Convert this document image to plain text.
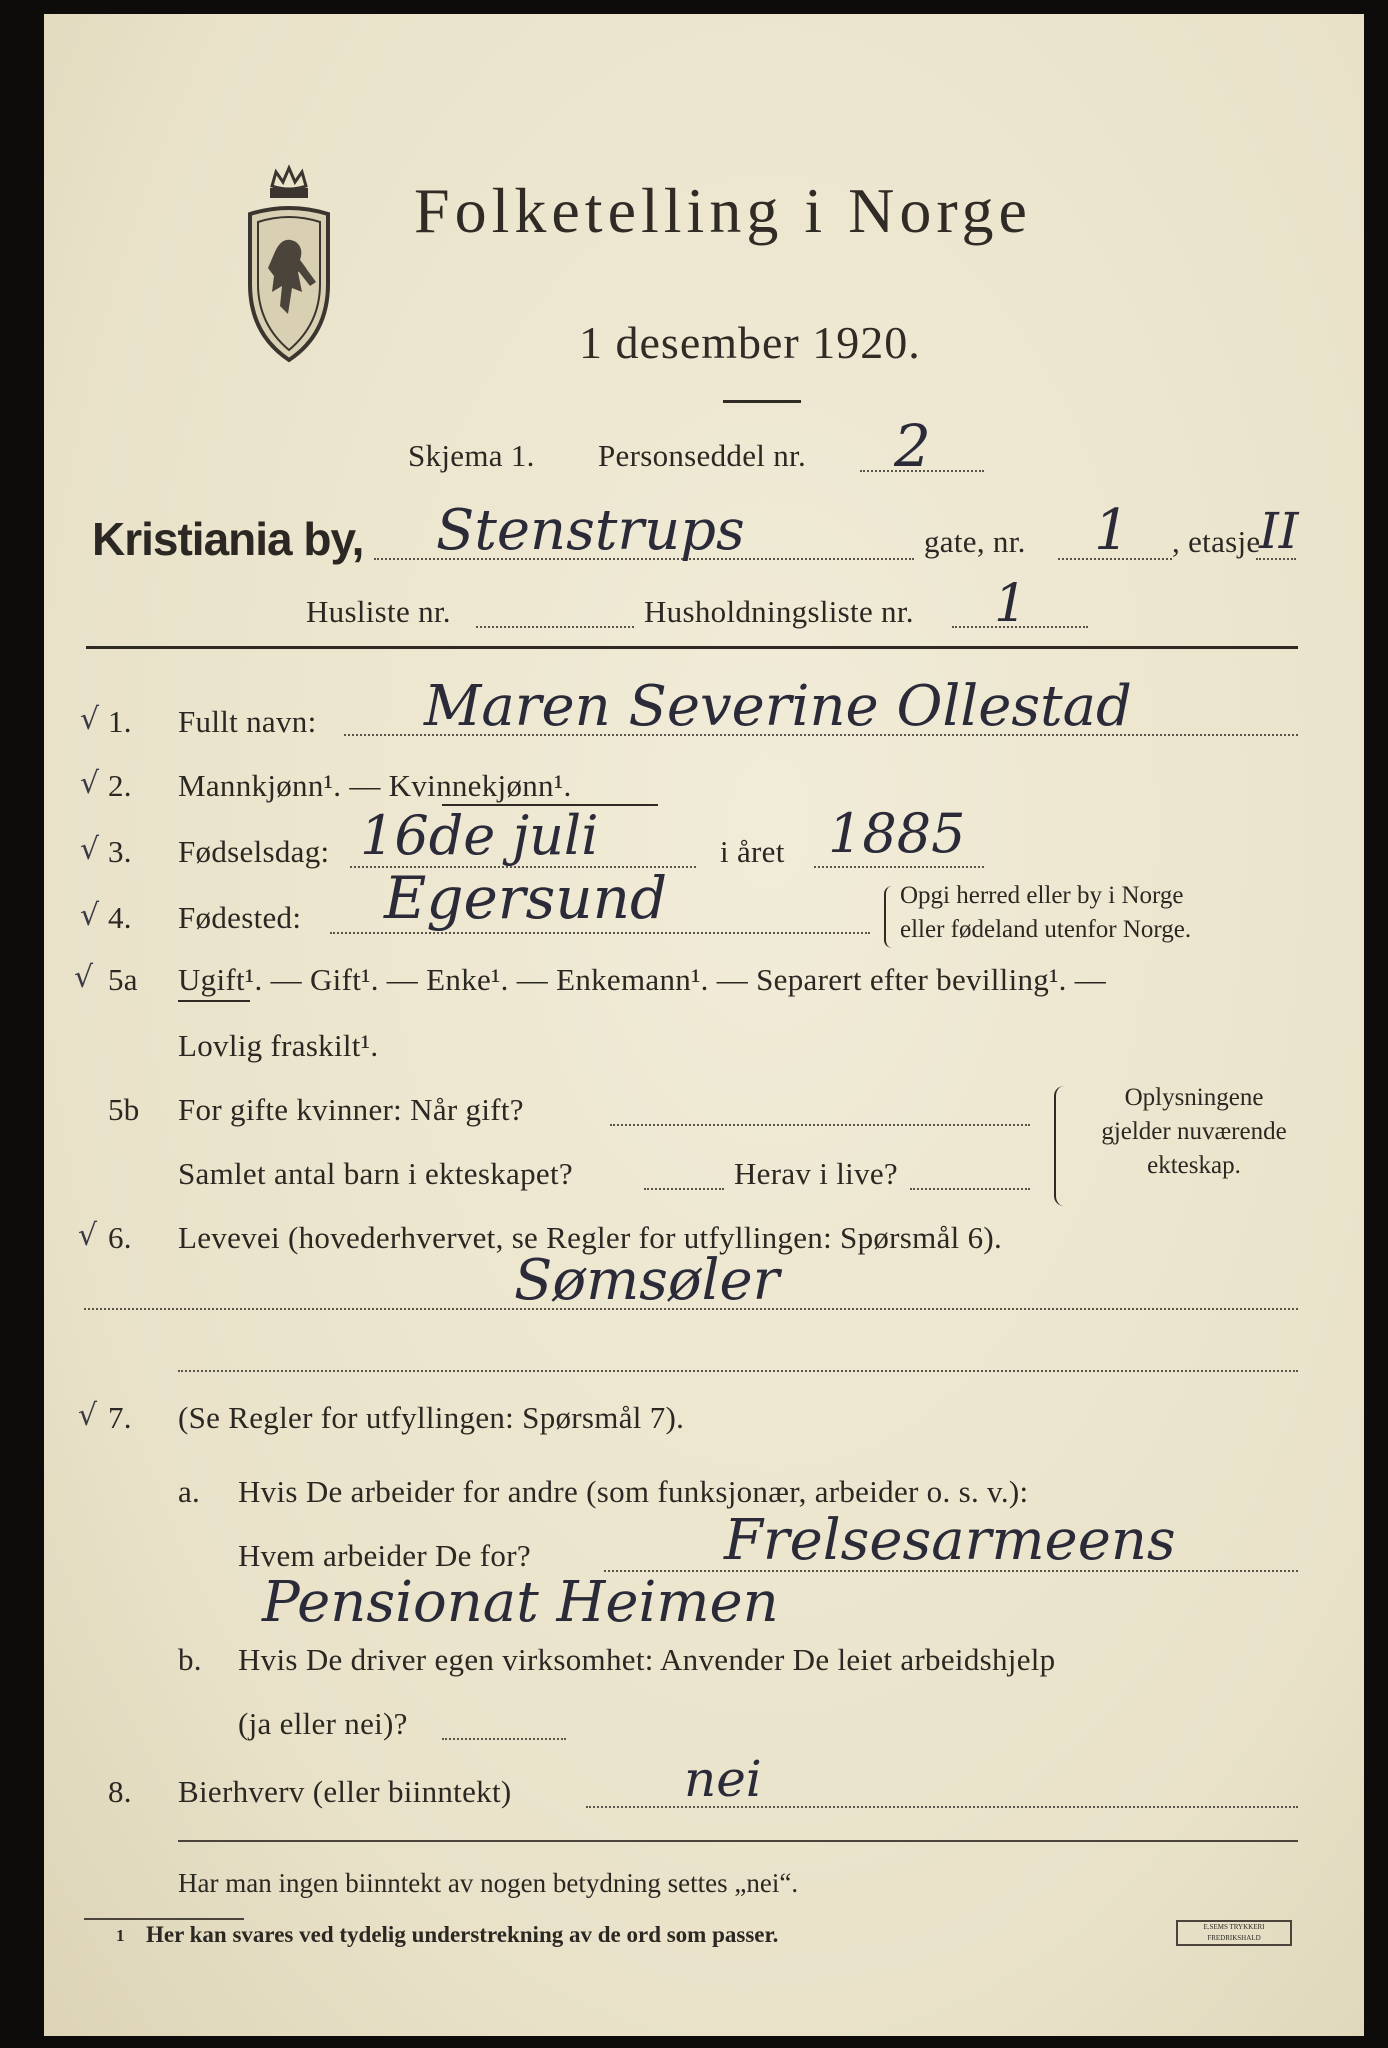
Folketelling i Norge
1 desember 1920.
Skjema 1. Personseddel nr. 2
Kristiania by, Stenstrups	gate, nr. 1 , etasje
II
Husliste nr.	Husholdningsliste nr. 1
√ 1. Fullt navn: Maren Severine Ollestad
√ 2. Mannkjønn¹. — Kvinnekjønn¹.
√ 3. Fødselsdag: 16de juli	i året 1885
√ 4. Fødested: Egersund	Opgi herred eller by i Norge
eller fødeland utenfor Norge.
√ 5a Ugift¹. — Gift¹. — Enke¹. — Enkemann¹. — Separert efter bevilling¹. —
Lovlig fraskilt¹.
5b For gifte kvinner: Når gift?
Samlet antal barn i ekteskapet?	Herav i live?
Oplysningene
gjelder nuværende
ekteskap.
√ 6. Levevei (hovederhvervet, se Regler for utfyllingen: Spørsmål 6).
Sømsøler
√ 7. (Se Regler for utfyllingen: Spørsmål 7).
a. Hvis De arbeider for andre (som funksjonær, arbeider o. s. v.):
Hvem arbeider De for?	Frelsesarmeens
Pensionat Heimen
b. Hvis De driver egen virksomhet: Anvender De leiet arbeidshjelp
(ja eller nei)?
8. Bierhverv (eller biinntekt)	nei
Har man ingen biinntekt av nogen betydning settes „nei“.
1 Her kan svares ved tydelig understrekning av de ord som passer.	E.SEMS TRYKKERI FREDRIKSHALD
